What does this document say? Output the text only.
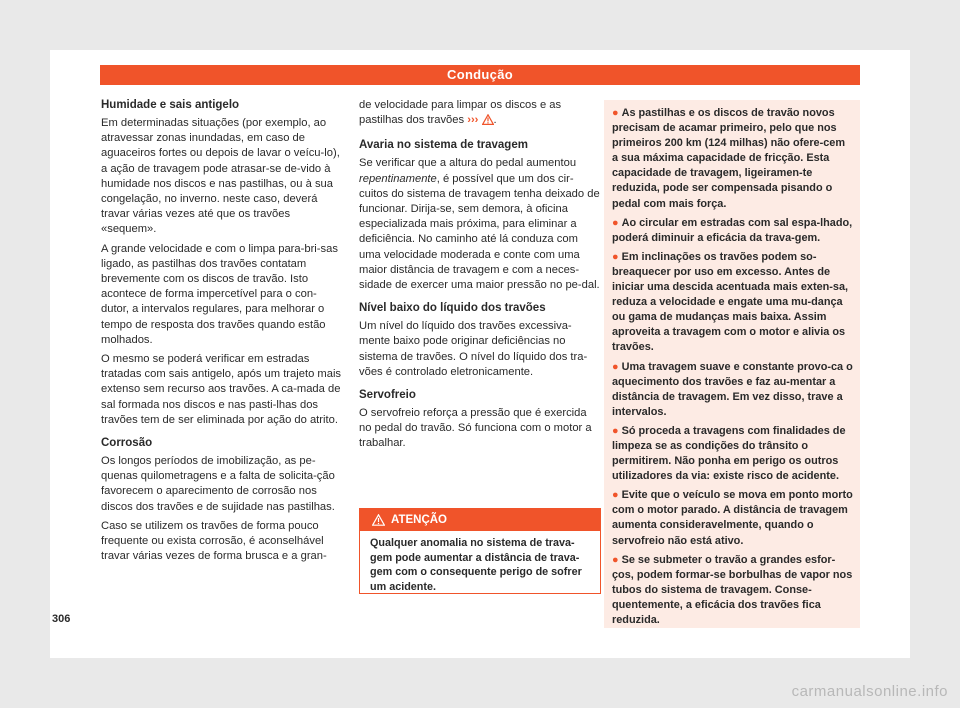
Condução
Humidade e sais antigelo

Em determinadas situações (por exemplo, ao atravessar zonas inundadas, em caso de aguaceiros fortes ou depois de lavar o veícu-lo), a ação de travagem pode atrasar-se de-vido à humidade nos discos e nas pastilhas, ou à sua congelação, no inverno. neste caso, deverá travar várias vezes até que os travões «sequem».

A grande velocidade e com o limpa para-bri-sas ligado, as pastilhas dos travões contatam brevemente com os discos de travão. Isto acontece de forma impercetível para o con-dutor, a intervalos regulares, para melhorar o tempo de resposta dos travões quando estão molhados.

O mesmo se poderá verificar em estradas tratadas com sais antigelo, após um trajeto mais extenso sem recurso aos travões. A ca-mada de sal formada nos discos e nas pasti-lhas dos travões tem de ser eliminada por ação do atrito.

Corrosão

Os longos períodos de imobilização, as pe-quenas quilometragens e a falta de solicita-ção favorecem o aparecimento de corrosão nos discos dos travões e de sujidade nas pastilhas.

Caso se utilizem os travões de forma pouco frequente ou exista corrosão, é aconselhável travar várias vezes de forma brusca e a gran-

de velocidade para limpar os discos e as pastilhas dos travões ››› .

Avaria no sistema de travagem

Se verificar que a altura do pedal aumentou repentinamente, é possível que um dos cir-cuitos do sistema de travagem tenha deixado de funcionar. Dirija-se, sem demora, à oficina especializada mais próxima, para eliminar a deficiência. No caminho até lá conduza com uma velocidade moderada e conte com uma maior distância de travagem e com a neces-sidade de exercer uma maior pressão no pe-dal.

Nível baixo do líquido dos travões

Um nível do líquido dos travões excessiva-mente baixo pode originar deficiências no sistema de travões. O nível do líquido dos tra-vões é controlado eletronicamente.

Servofreio

O servofreio reforça a pressão que é exercida no pedal do travão. Só funciona com o motor a trabalhar.

ATENÇÃO
Qualquer anomalia no sistema de trava-gem pode aumentar a distância de trava-gem com o consequente perigo de sofrer um acidente.
● As pastilhas e os discos de travão novos precisam de acamar primeiro, pelo que nos primeiros 200 km (124 milhas) não ofere-cem a sua máxima capacidade de fricção. Esta capacidade de travagem, ligeiramen-te reduzida, pode ser compensada pisando o pedal com mais força.
● Ao circular em estradas com sal espa-lhado, poderá diminuir a eficácia da trava-gem.
● Em inclinações os travões podem so-breaquecer por uso em excesso. Antes de iniciar uma descida acentuada mais exten-sa, reduza a velocidade e engate uma mu-dança ou gama de mudanças mais baixa. Assim aproveita a travagem com o motor e alivia os travões.
● Uma travagem suave e constante provo-ca o aquecimento dos travões e faz au-mentar a distância de travagem. Em vez disso, trave a intervalos.
● Só proceda a travagens com finalidades de limpeza se as condições do trânsito o permitirem. Não ponha em perigo os outros utilizadores da via: existe risco de acidente.
● Evite que o veículo se mova em ponto morto com o motor parado. A distância de travagem aumenta consideravelmente, quando o servofreio não está ativo.
● Se se submeter o travão a grandes esfor-ços, podem formar-se borbulhas de vapor nos tubos do sistema de travagem. Conse-quentemente, a eficácia dos travões fica reduzida.
306
carmanualsonline.info
